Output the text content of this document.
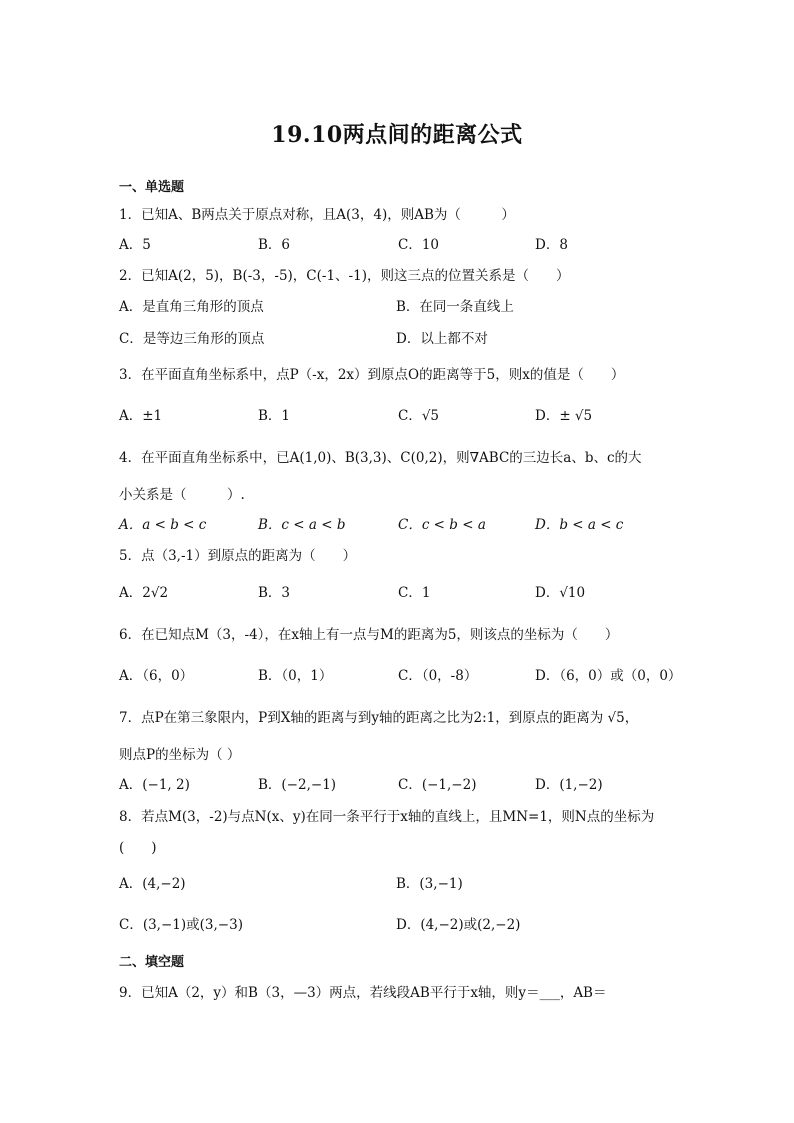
19.10两点间的距离公式
一、单选题
1．已知A、B两点关于原点对称，且A(3，4)，则AB为（　　　）
A．5	B．6	C．10	D．8
2．已知A(2，5)，B(-3，-5)，C(-1、-1)，则这三点的位置关系是（　　）
A．是直角三角形的顶点	B．在同一条直线上
C．是等边三角形的顶点	D．以上都不对
3．在平面直角坐标系中，点P（-x，2x）到原点O的距离等于5，则x的值是（　　）
A．±1	B．1	C．√5	D．± √5
4．在平面直角坐标系中，已A(1,0)、B(3,3)、C(0,2)，则∇ABC的三边长a、b、c的大
小关系是（　　　）.
A．a < b < c	B．c < a < b	C．c < b < a	D．b < a < c
5．点（3,-1）到原点的距离为（　　）
A．2√2	B．3	C．1	D．√10
6．在已知点M（3，-4），在x轴上有一点与M的距离为5，则该点的坐标为（　　）
A．（6，0）	B．（0，1）	C．（0，-8）	D．（6，0）或（0，0）
7．点P在第三象限内，P到X轴的距离与到y轴的距离之比为2:1，到原点的距离为 √5，
则点P的坐标为（ ）
A．(−1, 2)	B．(−2,−1)	C．(−1,−2)	D．(1,−2)
8．若点M(3，-2)与点N(x、y)在同一条平行于x轴的直线上，且MN=1，则N点的坐标为
(　　)
A．(4,−2)	B．(3,−1)
C．(3,−1)或(3,−3)	D．(4,−2)或(2,−2)
二、填空题
9．已知A（2，y）和B（3，—3）两点，若线段AB平行于x轴，则y＝___，AB＝
